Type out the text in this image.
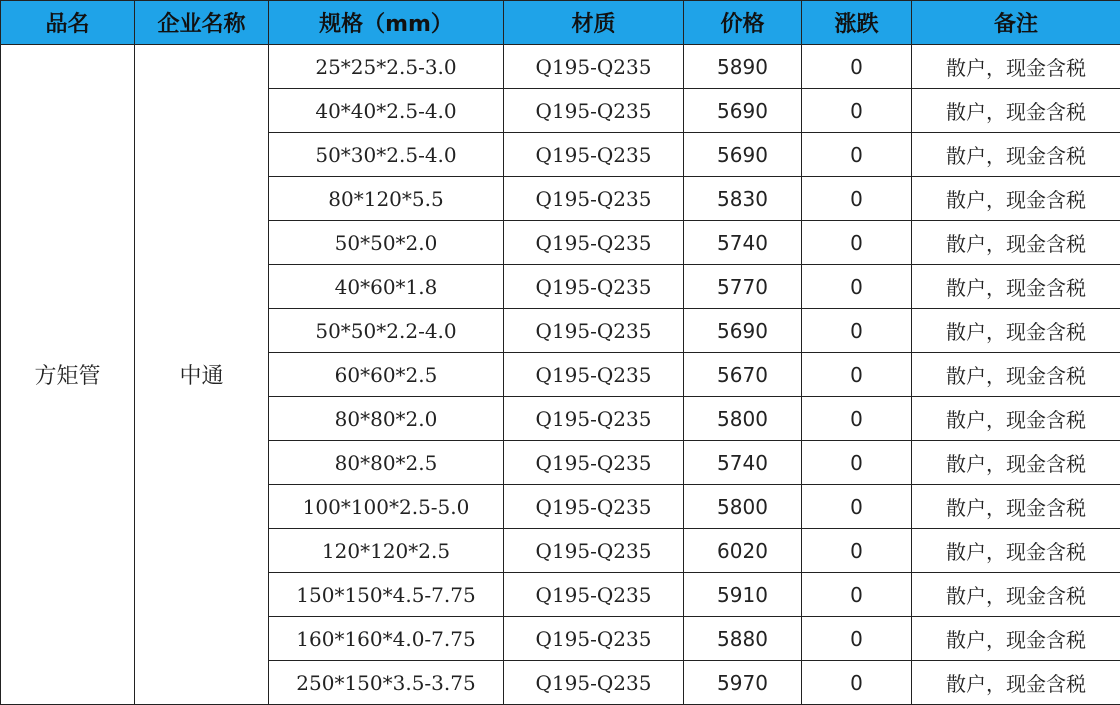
品名	企业名称	规格（mm）	材质	价格	涨跌	备注
方矩管	中通	25*25*2.5-3.0	Q195-Q235	5890	0	散户，现金含税
		40*40*2.5-4.0	Q195-Q235	5690	0	散户，现金含税
		50*30*2.5-4.0	Q195-Q235	5690	0	散户，现金含税
		80*120*5.5	Q195-Q235	5830	0	散户，现金含税
		50*50*2.0	Q195-Q235	5740	0	散户，现金含税
		40*60*1.8	Q195-Q235	5770	0	散户，现金含税
		50*50*2.2-4.0	Q195-Q235	5690	0	散户，现金含税
		60*60*2.5	Q195-Q235	5670	0	散户，现金含税
		80*80*2.0	Q195-Q235	5800	0	散户，现金含税
		80*80*2.5	Q195-Q235	5740	0	散户，现金含税
		100*100*2.5-5.0	Q195-Q235	5800	0	散户，现金含税
		120*120*2.5	Q195-Q235	6020	0	散户，现金含税
		150*150*4.5-7.75	Q195-Q235	5910	0	散户，现金含税
		160*160*4.0-7.75	Q195-Q235	5880	0	散户，现金含税
		250*150*3.5-3.75	Q195-Q235	5970	0	散户，现金含税
